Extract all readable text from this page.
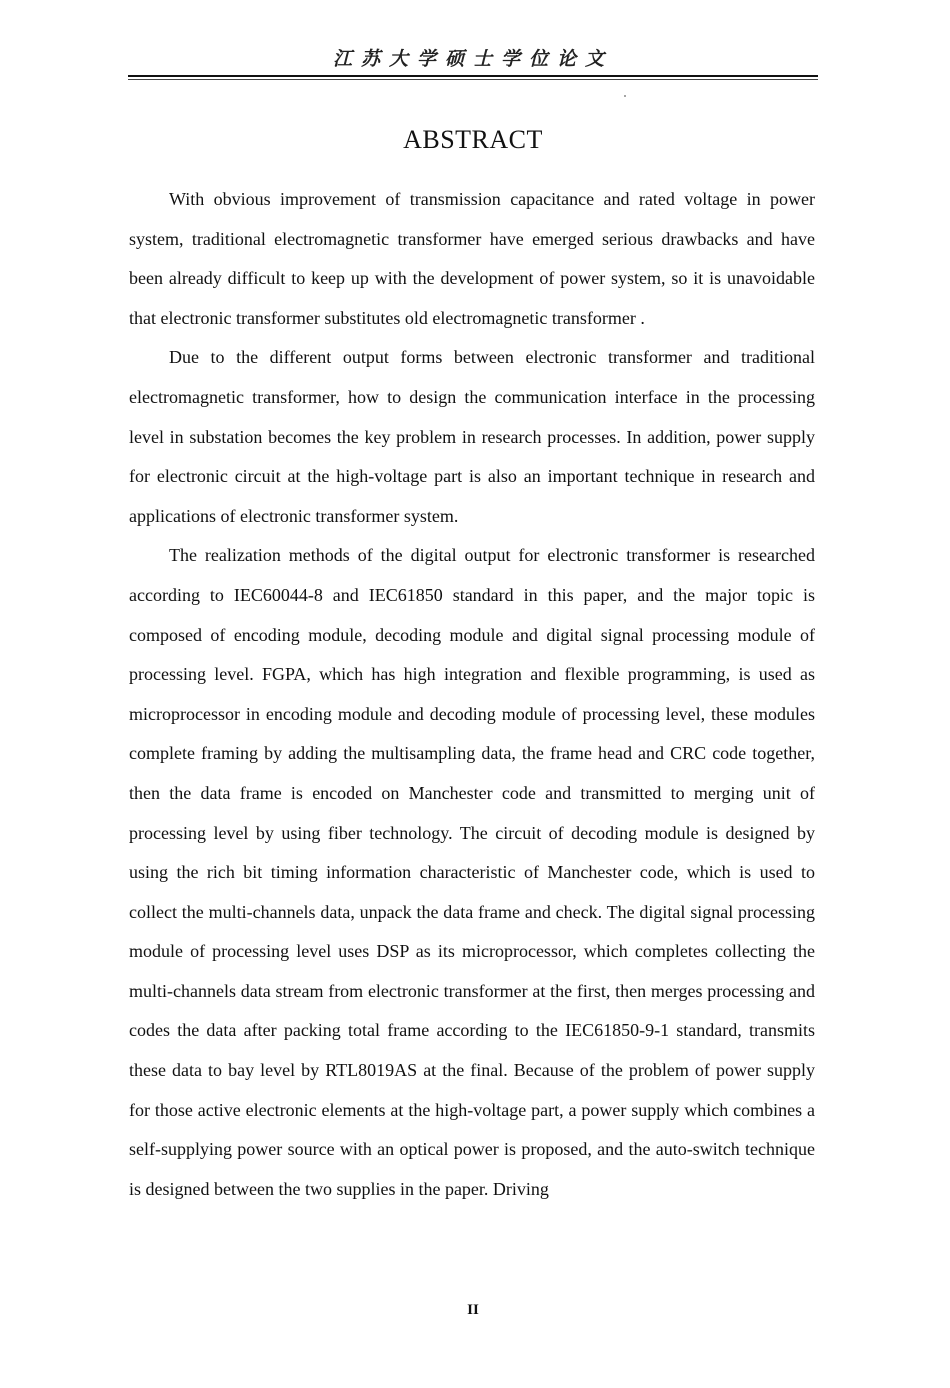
江苏大学硕士学位论文
ABSTRACT

With obvious improvement of transmission capacitance and rated voltage in power system, traditional electromagnetic transformer have emerged serious drawbacks and have been already difficult to keep up with the development of power system, so it is unavoidable that electronic transformer substitutes old electromagnetic transformer .

Due to the different output forms between electronic transformer and traditional electromagnetic transformer, how to design the communication interface in the processing level in substation becomes the key problem in research processes. In addition, power supply for electronic circuit at the high-voltage part is also an important technique in research and applications of electronic transformer system.

The realization methods of the digital output for electronic transformer is researched according to IEC60044-8 and IEC61850 standard in this paper, and the major topic is composed of encoding module, decoding module and digital signal processing module of processing level. FGPA, which has high integration and flexible programming, is used as microprocessor in encoding module and decoding module of processing level, these modules complete framing by adding the multisampling data, the frame head and CRC code together, then the data frame is encoded on Manchester code and transmitted to merging unit of processing level by using fiber technology. The circuit of decoding module is designed by using the rich bit timing information characteristic of Manchester code, which is used to collect the multi-channels data, unpack the data frame and check. The digital signal processing module of processing level uses DSP as its microprocessor, which completes collecting the multi-channels data stream from electronic transformer at the first, then merges processing and codes the data after packing total frame according to the IEC61850-9-1 standard, transmits these data to bay level by RTL8019AS at the final. Because of the problem of power supply for those active electronic elements at the high-voltage part, a power supply which combines a self-supplying power source with an optical power is proposed, and the auto-switch technique is designed between the two supplies in the paper. Driving

II
